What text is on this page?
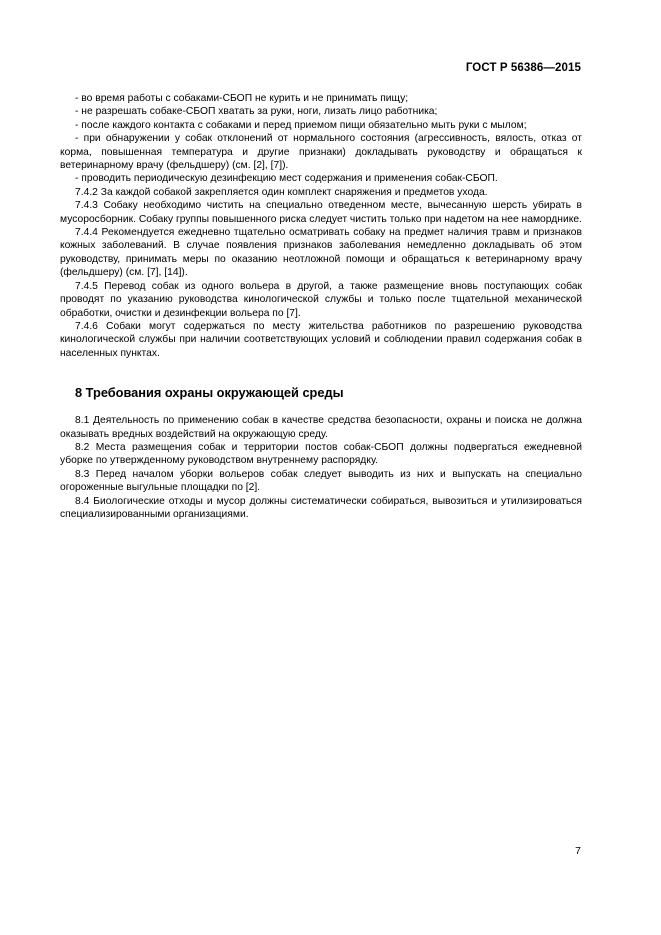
ГОСТ Р 56386—2015

- во время работы с собаками-СБОП не курить и не принимать пищу;

- не разрешать собаке-СБОП хватать за руки, ноги, лизать лицо работника;

- после каждого контакта с собаками и перед приемом пищи обязательно мыть руки с мылом;

- при обнаружении у собак отклонений от нормального состояния (агрессивность, вялость, отказ от корма, повышенная температура и другие признаки) докладывать руководству и обращаться к ветеринарному врачу (фельдшеру) (см. [2], [7]).

- проводить периодическую дезинфекцию мест содержания и применения собак-СБОП.

7.4.2 За каждой собакой закрепляется один комплект снаряжения и предметов ухода.

7.4.3 Собаку необходимо чистить на специально отведенном месте, вычесанную шерсть убирать в мусоросборник. Собаку группы повышенного риска следует чистить только при надетом на нее наморднике.

7.4.4 Рекомендуется ежедневно тщательно осматривать собаку на предмет наличия травм и признаков кожных заболеваний. В случае появления признаков заболевания немедленно докладывать об этом руководству, принимать меры по оказанию неотложной помощи и обращаться к ветеринарному врачу (фельдшеру) (см. [7], [14]).

7.4.5 Перевод собак из одного вольера в другой, а также размещение вновь поступающих собак проводят по указанию руководства кинологической службы и только после тщательной механической обработки, очистки и дезинфекции вольера по [7].

7.4.6 Собаки могут содержаться по месту жительства работников по разрешению руководства кинологической службы при наличии соответствующих условий и соблюдении правил содержания собак в населенных пунктах.

8 Требования охраны окружающей среды

8.1 Деятельность по применению собак в качестве средства безопасности, охраны и поиска не должна оказывать вредных воздействий на окружающую среду.

8.2 Места размещения собак и территории постов собак-СБОП должны подвергаться ежедневной уборке по утвержденному руководством внутреннему распорядку.

8.3 Перед началом уборки вольеров собак следует выводить из них и выпускать на специально огороженные выгульные площадки по [2].

8.4 Биологические отходы и мусор должны систематически собираться, вывозиться и утилизироваться специализированными организациями.

7
